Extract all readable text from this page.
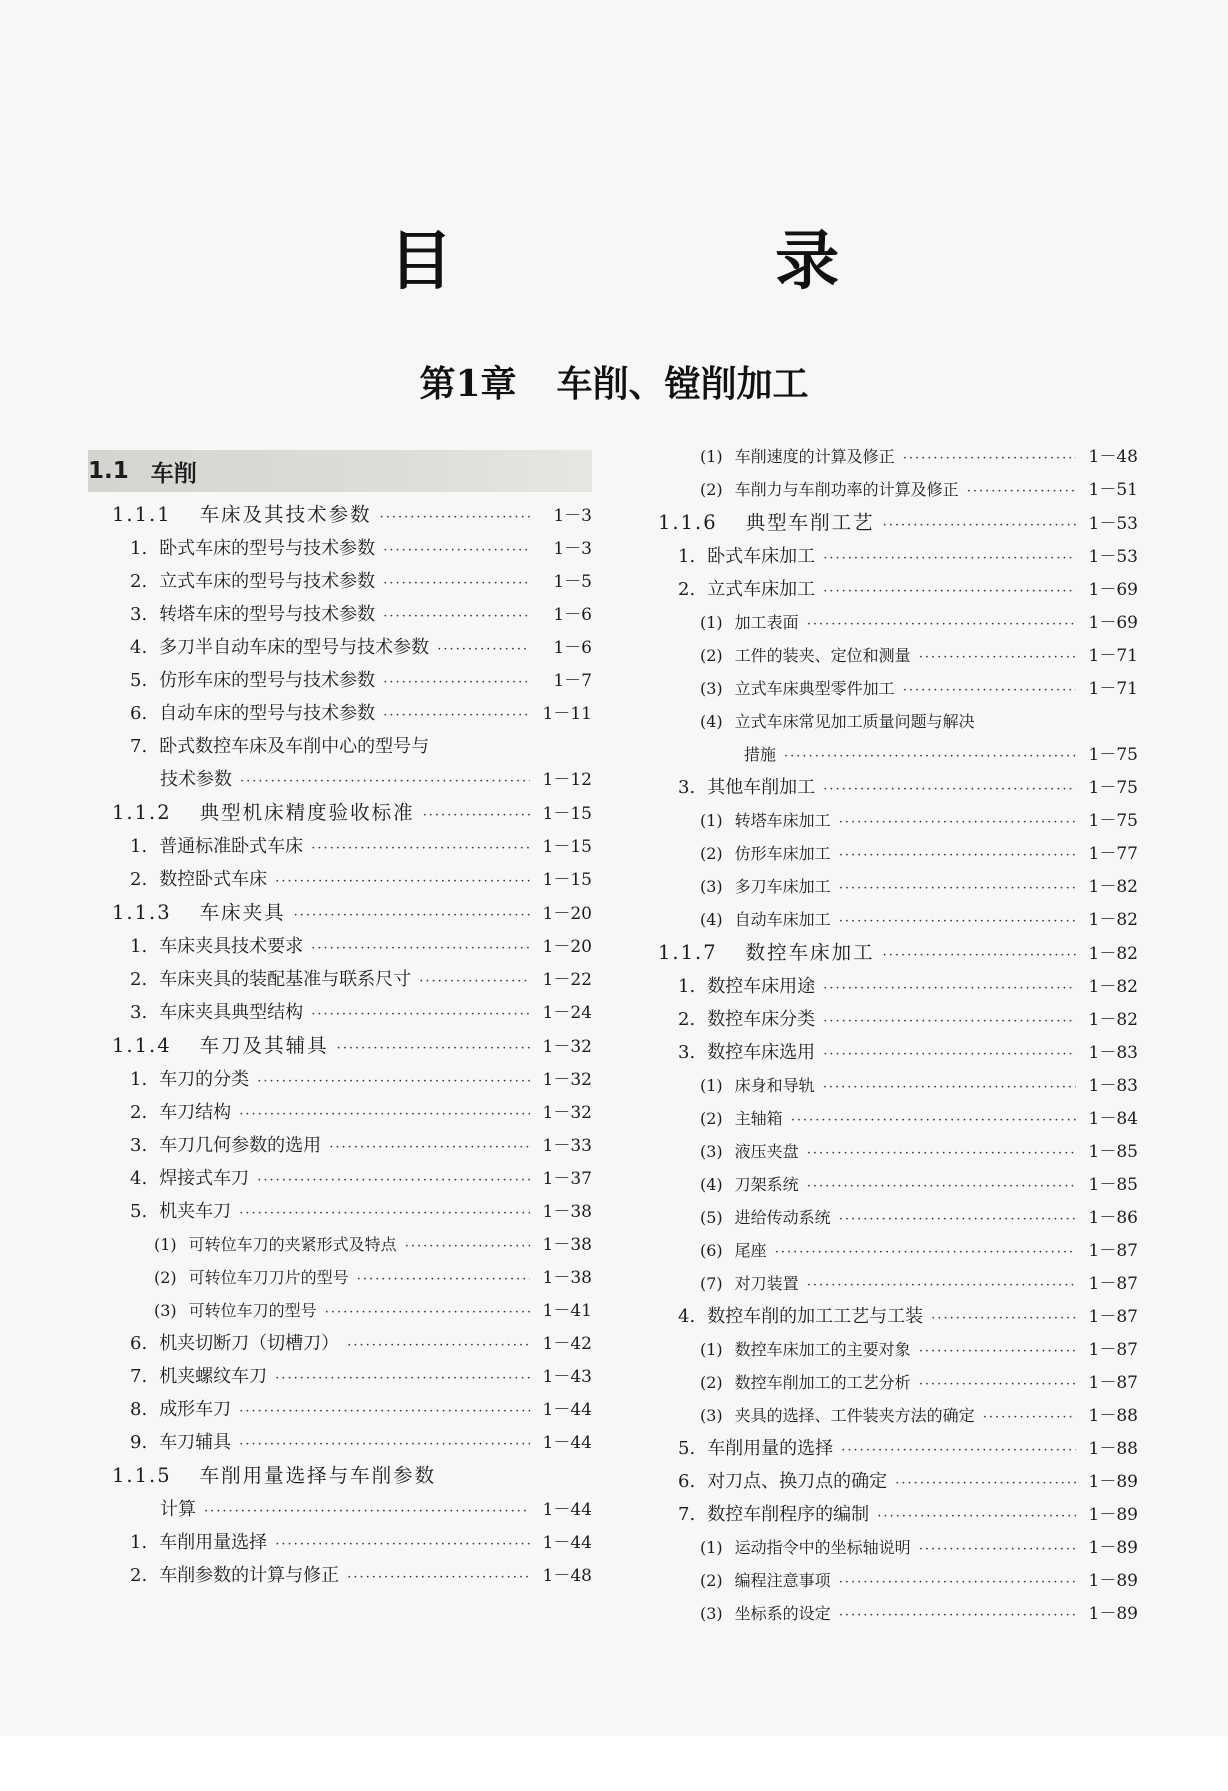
目 录
第1章 车削、镗削加工
1.1 车削
1.1.1 车床及其技术参数 ·····	1－3
1. 卧式车床的型号与技术参数 ·····	1－3
2. 立式车床的型号与技术参数 ·····	1－5
3. 转塔车床的型号与技术参数 ·····	1－6
4. 多刀半自动车床的型号与技术参数 ·····	1－6
5. 仿形车床的型号与技术参数 ·····	1－7
6. 自动车床的型号与技术参数 ·····	1－11
7. 卧式数控车床及车削中心的型号与
技术参数 ·····	1－12
1.1.2 典型机床精度验收标准 ·····	1－15
1. 普通标准卧式车床 ·····	1－15
2. 数控卧式车床 ·····	1－15
1.1.3 车床夹具 ·····	1－20
1. 车床夹具技术要求 ·····	1－20
2. 车床夹具的装配基准与联系尺寸 ·····	1－22
3. 车床夹具典型结构 ·····	1－24
1.1.4 车刀及其辅具 ·····	1－32
1. 车刀的分类 ·····	1－32
2. 车刀结构 ·····	1－32
3. 车刀几何参数的选用 ·····	1－33
4. 焊接式车刀 ·····	1－37
5. 机夹车刀 ·····	1－38
(1) 可转位车刀的夹紧形式及特点 ·····	1－38
(2) 可转位车刀刀片的型号 ·····	1－38
(3) 可转位车刀的型号 ·····	1－41
6. 机夹切断刀（切槽刀） ·····	1－42
7. 机夹螺纹车刀 ·····	1－43
8. 成形车刀 ·····	1－44
9. 车刀辅具 ·····	1－44
1.1.5 车削用量选择与车削参数
计算 ·····	1－44
1. 车削用量选择 ·····	1－44
2. 车削参数的计算与修正 ·····	1－48
(1) 车削速度的计算及修正 ·····	1－48
(2) 车削力与车削功率的计算及修正 ·····	1－51
1.1.6 典型车削工艺 ·····	1－53
1. 卧式车床加工 ·····	1－53
2. 立式车床加工 ·····	1－69
(1) 加工表面 ·····	1－69
(2) 工件的装夹、定位和测量 ·····	1－71
(3) 立式车床典型零件加工 ·····	1－71
(4) 立式车床常见加工质量问题与解决
措施 ·····	1－75
3. 其他车削加工 ·····	1－75
(1) 转塔车床加工 ·····	1－75
(2) 仿形车床加工 ·····	1－77
(3) 多刀车床加工 ·····	1－82
(4) 自动车床加工 ·····	1－82
1.1.7 数控车床加工 ·····	1－82
1. 数控车床用途 ·····	1－82
2. 数控车床分类 ·····	1－82
3. 数控车床选用 ·····	1－83
(1) 床身和导轨 ·····	1－83
(2) 主轴箱 ·····	1－84
(3) 液压夹盘 ·····	1－85
(4) 刀架系统 ·····	1－85
(5) 进给传动系统 ·····	1－86
(6) 尾座 ·····	1－87
(7) 对刀装置 ·····	1－87
4. 数控车削的加工工艺与工装 ·····	1－87
(1) 数控车床加工的主要对象 ·····	1－87
(2) 数控车削加工的工艺分析 ·····	1－87
(3) 夹具的选择、工件装夹方法的确定 ·····	1－88
5. 车削用量的选择 ·····	1－88
6. 对刀点、换刀点的确定 ·····	1－89
7. 数控车削程序的编制 ·····	1－89
(1) 运动指令中的坐标轴说明 ·····	1－89
(2) 编程注意事项 ·····	1－89
(3) 坐标系的设定 ·····	1－89
